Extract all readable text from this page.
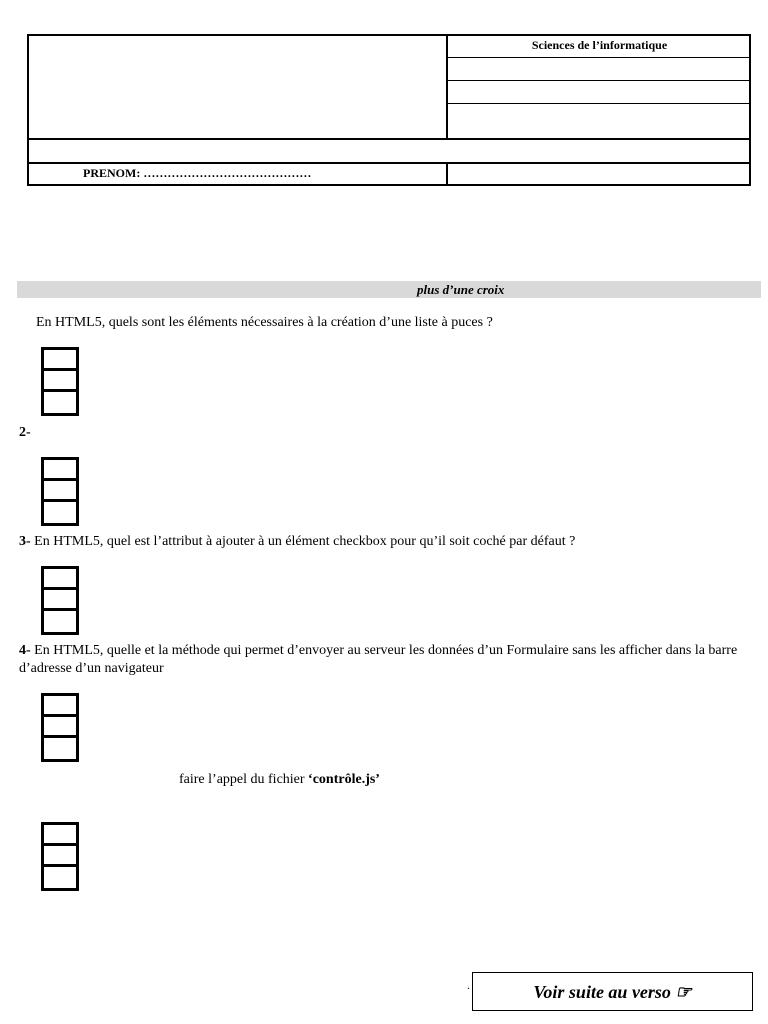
Sciences de l’informatique
PRENOM: ……………………………………
plus d’une croix
En HTML5, quels sont les éléments nécessaires à la création d’une liste à puces ?
2-
3- En HTML5, quel est l’attribut à ajouter à un élément checkbox pour qu’il soit coché par défaut ?
4- En HTML5, quelle et la méthode qui permet d’envoyer au serveur les données d’un Formulaire sans les afficher dans la barre d’adresse d’un navigateur
faire l’appel du fichier ‘contrôle.js’
.	Voir suite au verso ☞
